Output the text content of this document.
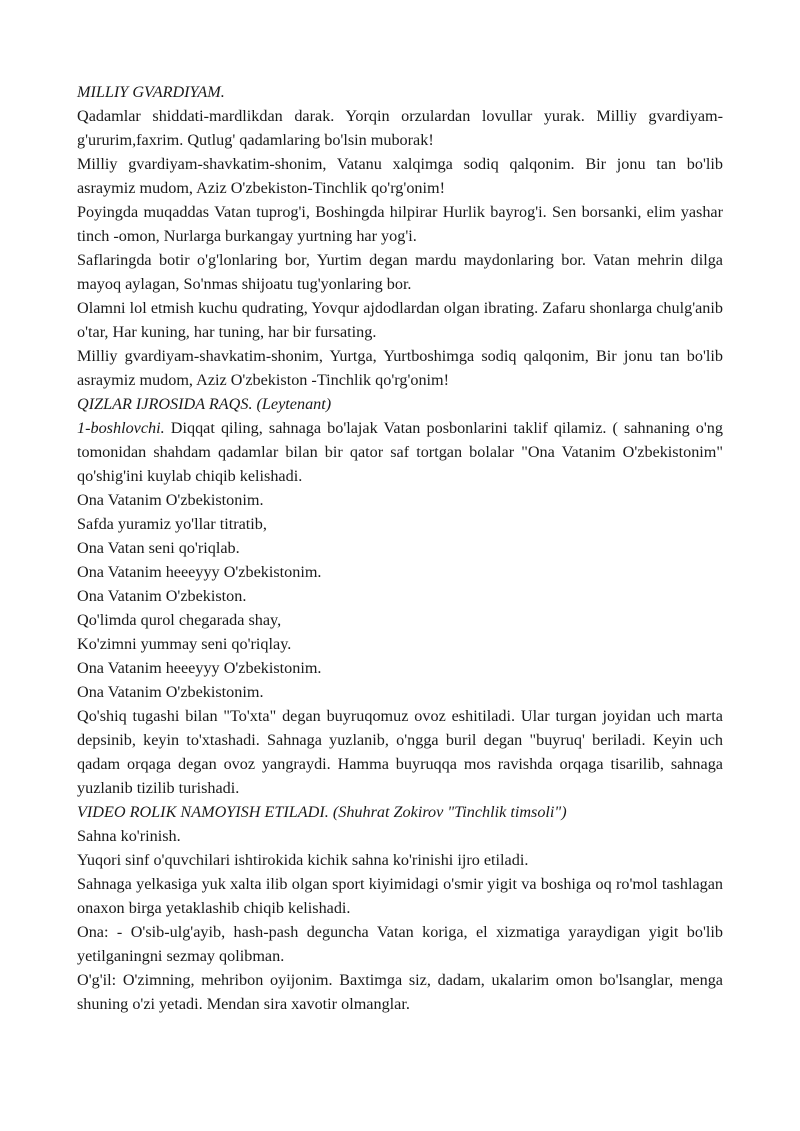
MILLIY GVARDIYAM.

Qadamlar shiddati-mardlikdan darak. Yorqin orzulardan lovullar yurak. Milliy gvardiyam-g'ururim,faxrim. Qutlug' qadamlaring bo'lsin muborak!

Milliy gvardiyam-shavkatim-shonim, Vatanu xalqimga sodiq qalqonim. Bir jonu tan bo'lib asraymiz mudom, Aziz O'zbekiston-Tinchlik qo'rg'onim!

Poyingda muqaddas Vatan tuprog'i, Boshingda hilpirar Hurlik bayrog'i. Sen borsanki, elim yashar tinch -omon, Nurlarga burkangay yurtning har yog'i.

Saflaringda botir o'g'lonlaring bor, Yurtim degan mardu maydonlaring bor. Vatan mehrin dilga mayoq aylagan, So'nmas shijoatu tug'yonlaring bor.

Olamni lol etmish kuchu qudrating, Yovqur ajdodlardan olgan ibrating. Zafaru shonlarga chulg'anib o'tar, Har kuning, har tuning, har bir fursating.

Milliy gvardiyam-shavkatim-shonim, Yurtga, Yurtboshimga sodiq qalqonim, Bir jonu tan bo'lib asraymiz mudom, Aziz O'zbekiston -Tinchlik qo'rg'onim!

QIZLAR IJROSIDA RAQS. (Leytenant)

1-boshlovchi. Diqqat qiling, sahnaga bo'lajak Vatan posbonlarini taklif qilamiz. ( sahnaning o'ng tomonidan shahdam qadamlar bilan bir qator saf tortgan bolalar "Ona Vatanim O'zbekistonim" qo'shig'ini kuylab chiqib kelishadi.

Ona Vatanim O'zbekistonim.

Safda yuramiz yo'llar titratib,

Ona Vatan seni qo'riqlab.

Ona Vatanim heeeyyy O'zbekistonim.

Ona Vatanim O'zbekiston.

Qo'limda qurol chegarada shay,

Ko'zimni yummay seni qo'riqlay.

Ona Vatanim heeeyyy O'zbekistonim.

Ona Vatanim O'zbekistonim.

Qo'shiq tugashi bilan "To'xta" degan buyruqomuz ovoz eshitiladi. Ular turgan joyidan uch marta depsinib, keyin to'xtashadi. Sahnaga yuzlanib, o'ngga buril degan "buyruq' beriladi. Keyin uch qadam orqaga degan ovoz yangraydi. Hamma buyruqqa mos ravishda orqaga tisarilib, sahnaga yuzlanib tizilib turishadi.

VIDEO ROLIK NAMOYISH ETILADI. (Shuhrat Zokirov "Tinchlik timsoli")

Sahna ko'rinish.

Yuqori sinf o'quvchilari ishtirokida kichik sahna ko'rinishi ijro etiladi.

Sahnaga yelkasiga yuk xalta ilib olgan sport kiyimidagi o'smir yigit va boshiga oq ro'mol tashlagan onaxon birga yetaklashib chiqib kelishadi.

Ona: - O'sib-ulg'ayib, hash-pash deguncha Vatan koriga, el xizmatiga yaraydigan yigit bo'lib yetilganingni sezmay qolibman.

O'g'il: O'zimning, mehribon oyijonim. Baxtimga siz, dadam, ukalarim omon bo'lsanglar, menga shuning o'zi yetadi. Mendan sira xavotir olmanglar.
